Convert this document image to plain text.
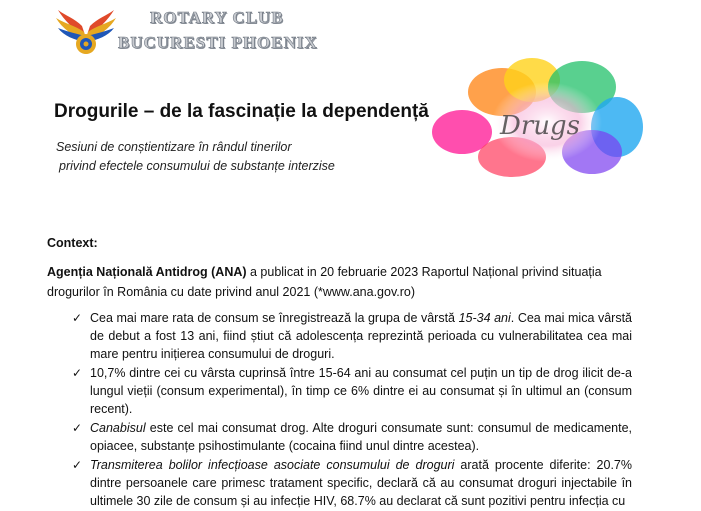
ROTARY CLUB
BUCURESTI PHOENIX
Drugs
Drogurile – de la fascinație la dependență
Sesiuni de conștientizare în rândul tinerilor
privind efectele consumului de substanțe interzise
Context:
Agenția Națională Antidrog (ANA) a publicat in 20 februarie 2023 Raportul Național privind situația drogurilor în România cu date privind anul 2021 (*www.ana.gov.ro)
✓ Cea mai mare rata de consum se înregistrează la grupa de vârstă 15-34 ani. Cea mai mica vârstă de debut a fost 13 ani, fiind știut că adolescența reprezintă perioada cu vulnerabilitatea cea mai mare pentru inițierea consumului de droguri.
✓ 10,7% dintre cei cu vârsta cuprinsă între 15-64 ani au consumat cel puțin un tip de drog ilicit de-a lungul vieții (consum experimental), în timp ce 6% dintre ei au consumat și în ultimul an (consum recent).
✓ Canabisul este cel mai consumat drog. Alte droguri consumate sunt: consumul de medicamente, opiacee, substanțe psihostimulante (cocaina fiind unul dintre acestea).
✓ Transmiterea bolilor infecțioase asociate consumului de droguri arată procente diferite: 20.7% dintre persoanele care primesc tratament specific, declară că au consumat droguri injectabile în ultimele 30 zile de consum și au infecție HIV, 68.7% au declarat că sunt pozitivi pentru infecția cu
